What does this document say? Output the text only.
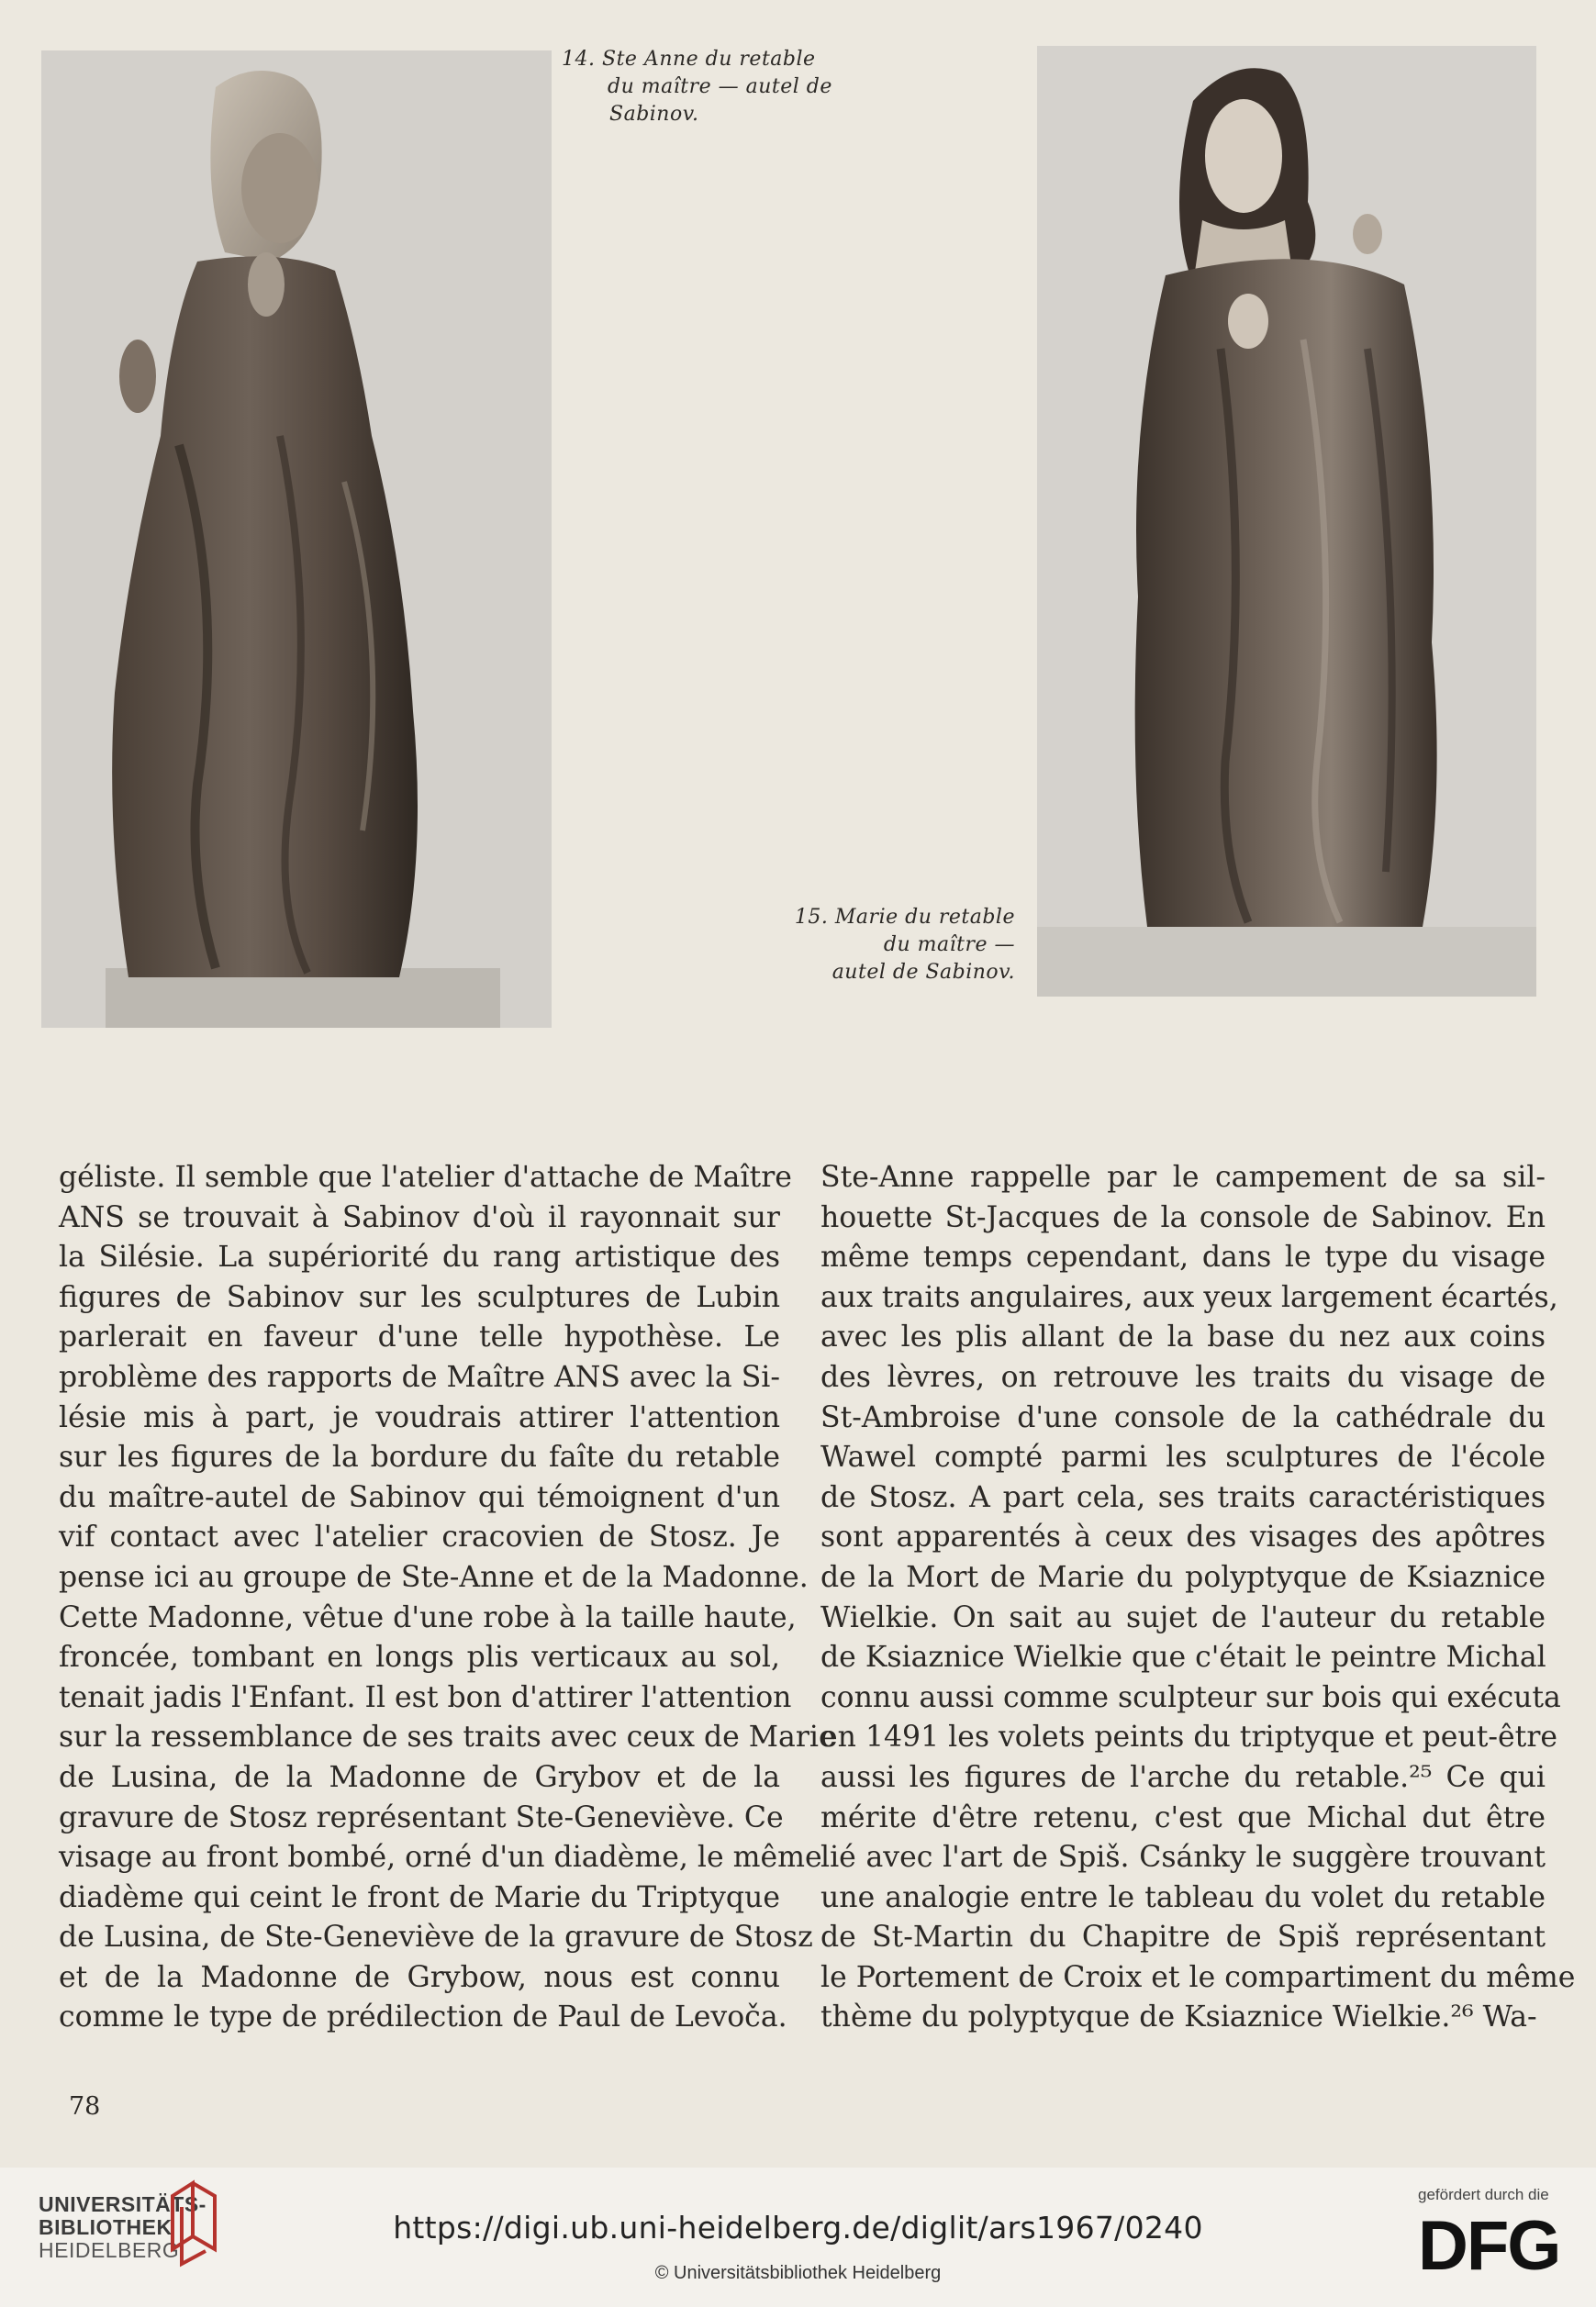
14. Ste Anne du retable
du maître — autel de
Sabinov.
15. Marie du retable
du maître —
autel de Sabinov.
géliste. Il semble que l'atelier d'attache de Maître
ANS se trouvait à Sabinov d'où il rayonnait sur
la Silésie. La supériorité du rang artistique des
figures de Sabinov sur les sculptures de Lubin
parlerait en faveur d'une telle hypothèse. Le
problème des rapports de Maître ANS avec la Si-
lésie mis à part, je voudrais attirer l'attention
sur les figures de la bordure du faîte du retable
du maître-autel de Sabinov qui témoignent d'un
vif contact avec l'atelier cracovien de Stosz. Je
pense ici au groupe de Ste-Anne et de la Madonne.
Cette Madonne, vêtue d'une robe à la taille haute,
froncée, tombant en longs plis verticaux au sol,
tenait jadis l'Enfant. Il est bon d'attirer l'attention
sur la ressemblance de ses traits avec ceux de Marie
de Lusina, de la Madonne de Grybov et de la
gravure de Stosz représentant Ste-Geneviève. Ce
visage au front bombé, orné d'un diadème, le même
diadème qui ceint le front de Marie du Triptyque
de Lusina, de Ste-Geneviève de la gravure de Stosz
et de la Madonne de Grybow, nous est connu
comme le type de prédilection de Paul de Levoča.
Ste-Anne rappelle par le campement de sa sil-
houette St-Jacques de la console de Sabinov. En
même temps cependant, dans le type du visage
aux traits angulaires, aux yeux largement écartés,
avec les plis allant de la base du nez aux coins
des lèvres, on retrouve les traits du visage de
St-Ambroise d'une console de la cathédrale du
Wawel compté parmi les sculptures de l'école
de Stosz. A part cela, ses traits caractéristiques
sont apparentés à ceux des visages des apôtres
de la Mort de Marie du polyptyque de Ksiaznice
Wielkie. On sait au sujet de l'auteur du retable
de Ksiaznice Wielkie que c'était le peintre Michal
connu aussi comme sculpteur sur bois qui exécuta
en 1491 les volets peints du triptyque et peut-être
aussi les figures de l'arche du retable.²⁵ Ce qui
mérite d'être retenu, c'est que Michal dut être
lié avec l'art de Spiš. Csánky le suggère trouvant
une analogie entre le tableau du volet du retable
de St-Martin du Chapitre de Spiš représentant
le Portement de Croix et le compartiment du même
thème du polyptyque de Ksiaznice Wielkie.²⁶ Wa-
78
UNIVERSITÄTS-
BIBLIOTHEK
HEIDELBERG
https://digi.ub.uni-heidelberg.de/diglit/ars1967/0240
© Universitätsbibliothek Heidelberg
gefördert durch die
DFG
